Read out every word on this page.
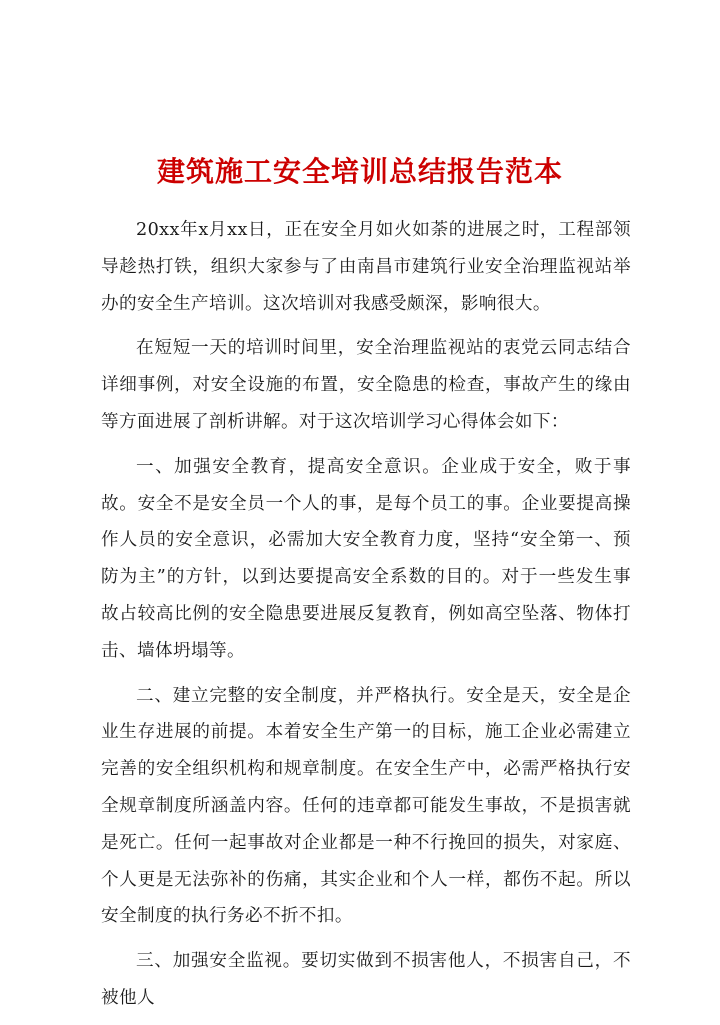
建筑施工安全培训总结报告范本

20xx年x月xx日，正在安全月如火如荼的进展之时，工程部领导趁热打铁，组织大家参与了由南昌市建筑行业安全治理监视站举办的安全生产培训。这次培训对我感受颇深，影响很大。

在短短一天的培训时间里，安全治理监视站的衷党云同志结合详细事例，对安全设施的布置，安全隐患的检查，事故产生的缘由等方面进展了剖析讲解。对于这次培训学习心得体会如下：

一、加强安全教育，提高安全意识。企业成于安全，败于事故。安全不是安全员一个人的事，是每个员工的事。企业要提高操作人员的安全意识，必需加大安全教育力度，坚持“安全第一、预防为主”的方针，以到达要提高安全系数的目的。对于一些发生事故占较高比例的安全隐患要进展反复教育，例如高空坠落、物体打击、墙体坍塌等。

二、建立完整的安全制度，并严格执行。安全是天，安全是企业生存进展的前提。本着安全生产第一的目标，施工企业必需建立完善的安全组织机构和规章制度。在安全生产中，必需严格执行安全规章制度所涵盖内容。任何的违章都可能发生事故，不是损害就是死亡。任何一起事故对企业都是一种不行挽回的损失，对家庭、个人更是无法弥补的伤痛，其实企业和个人一样，都伤不起。所以安全制度的执行务必不折不扣。

三、加强安全监视。要切实做到不损害他人，不损害自己，不被他人
